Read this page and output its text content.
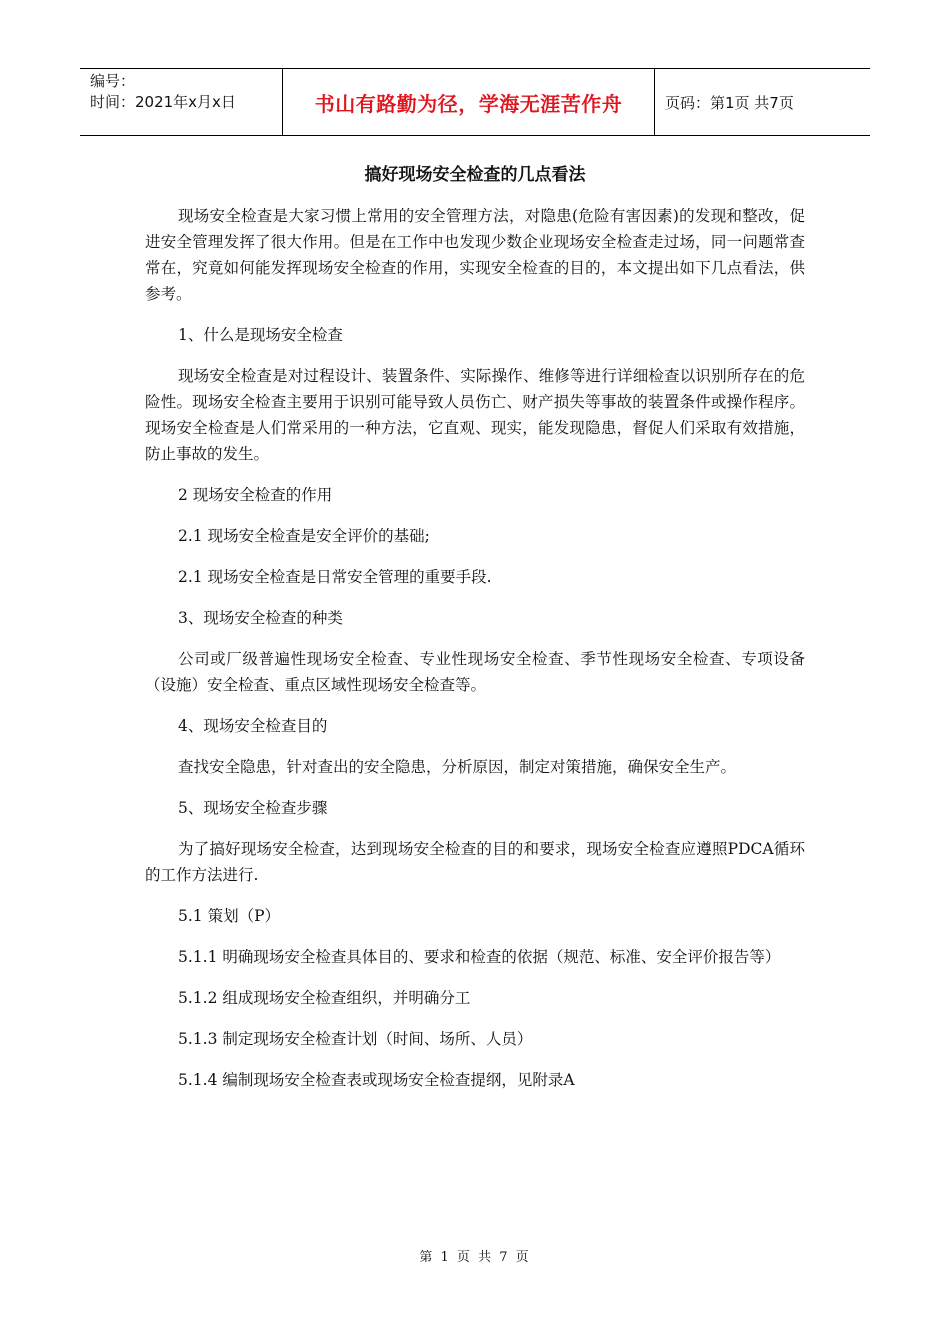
编号：
时间：2021年x月x日	书山有路勤为径，学海无涯苦作舟	页码：第1页 共7页
搞好现场安全检查的几点看法

现场安全检查是大家习惯上常用的安全管理方法，对隐患(危险有害因素)的发现和整改，促进安全管理发挥了很大作用。但是在工作中也发现少数企业现场安全检查走过场，同一问题常查常在，究竟如何能发挥现场安全检查的作用，实现安全检查的目的，本文提出如下几点看法，供参考。

1、什么是现场安全检查

现场安全检查是对过程设计、装置条件、实际操作、维修等进行详细检查以识别所存在的危险性。现场安全检查主要用于识别可能导致人员伤亡、财产损失等事故的装置条件或操作程序。现场安全检查是人们常采用的一种方法，它直观、现实，能发现隐患，督促人们采取有效措施，防止事故的发生。

2 现场安全检查的作用

2.1 现场安全检查是安全评价的基础;

2.1 现场安全检查是日常安全管理的重要手段.

3、现场安全检查的种类

公司或厂级普遍性现场安全检查、专业性现场安全检查、季节性现场安全检查、专项设备（设施）安全检查、重点区域性现场安全检查等。

4、现场安全检查目的

查找安全隐患，针对查出的安全隐患，分析原因，制定对策措施，确保安全生产。

5、现场安全检查步骤

为了搞好现场安全检查，达到现场安全检查的目的和要求，现场安全检查应遵照PDCA循环的工作方法进行.

5.1 策划（P）

5.1.1 明确现场安全检查具体目的、要求和检查的依据（规范、标准、安全评价报告等）

5.1.2 组成现场安全检查组织，并明确分工

5.1.3 制定现场安全检查计划（时间、场所、人员）

5.1.4 编制现场安全检查表或现场安全检查提纲，见附录A

第 1 页 共 7 页
